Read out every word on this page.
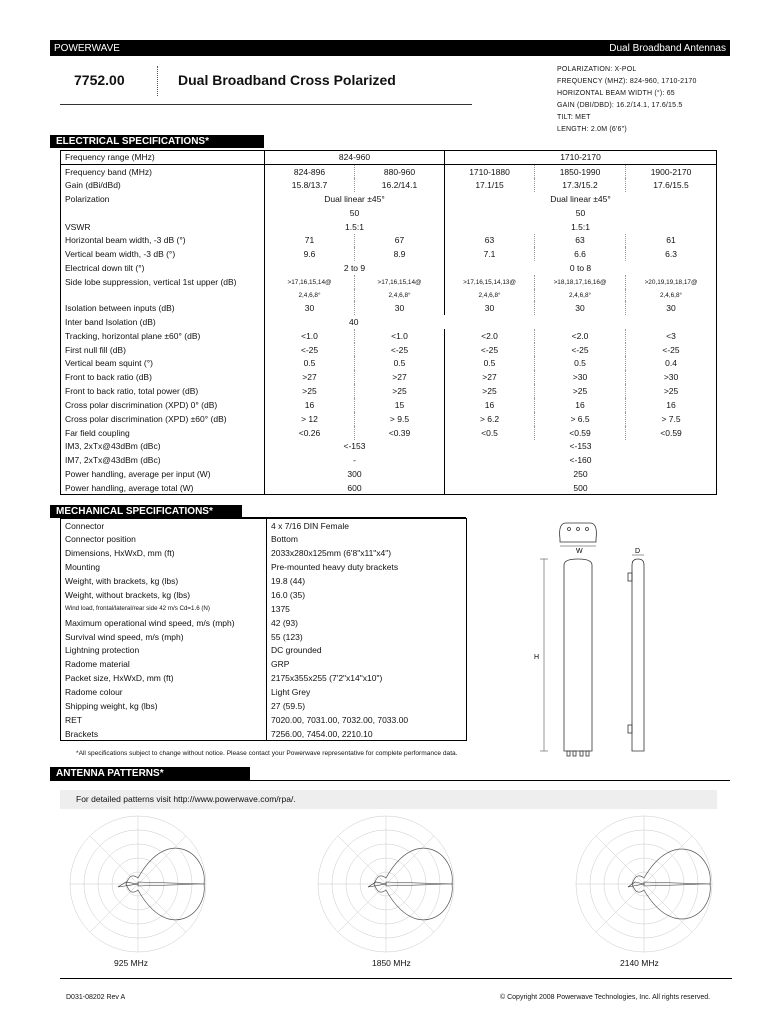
POWERWAVE	Dual Broadband Antennas
7752.00	Dual Broadband Cross Polarized
POLARIZATION: X-POL
FREQUENCY (MHZ): 824-960, 1710-2170
HORIZONTAL BEAM WIDTH (°): 65
GAIN (DBI/DBD): 16.2/14.1, 17.6/15.5
TILT: MET
LENGTH: 2.0M (6'6")
ELECTRICAL SPECIFICATIONS*
Frequency range (MHz)	824-960		1710-2170		
Frequency band (MHz)	824-896	880-960	1710-1880	1850-1990	1900-2170
Gain (dBi/dBd)	15.8/13.7	16.2/14.1	17.1/15	17.3/15.2	17.6/15.5
Polarization	Dual linear ±45°		Dual linear ±45°		
	50		50		
VSWR	1.5:1		1.5:1		
Horizontal beam width, -3 dB (°)	71	67	63	63	61
Vertical beam width, -3 dB (°)	9.6	8.9	7.1	6.6	6.3
Electrical down tilt (°)	2 to 9		0 to 8		
Side lobe suppression, vertical 1st upper (dB)	>17,16,15,14@	>17,16,15,14@	>17,16,15,14,13@	>18,18,17,16,16@	>20,19,19,18,17@
	2,4,6,8°	2,4,6,8°	2,4,6,8°	2,4,6,8°	2,4,6,8°
Isolation between inputs (dB)	30	30	30	30	30
Inter band Isolation (dB)	40				
Tracking, horizontal plane ±60° (dB)	<1.0	<1.0	<2.0	<2.0	<3
First null fill (dB)	<-25	<-25	<-25	<-25	<-25
Vertical beam squint (°)	0.5	0.5	0.5	0.5	0.4
Front to back ratio (dB)	>27	>27	>27	>30	>30
Front to back ratio, total power (dB)	>25	>25	>25	>25	>25
Cross polar discrimination (XPD) 0° (dB)	16	15	16	16	16
Cross polar discrimination (XPD) ±60° (dB)	> 12	> 9.5	> 6.2	> 6.5	> 7.5
Far field coupling	<0.26	<0.39	<0.5	<0.59	<0.59
IM3, 2xTx@43dBm (dBc)	<-153		<-153		
IM7, 2xTx@43dBm (dBc)	-		<-160		
Power handling, average per input (W)	300		250		
Power handling, average total (W)	600		500		
MECHANICAL SPECIFICATIONS*
Connector	4 x 7/16 DIN Female
Connector position	Bottom
Dimensions, HxWxD, mm (ft)	2033x280x125mm (6'8"x11"x4")
Mounting	Pre-mounted heavy duty brackets
Weight, with brackets, kg (lbs)	19.8 (44)
Weight, without brackets, kg (lbs)	16.0 (35)
Wind load, frontal/lateral/rear side 42 m/s Cd=1.6 (N)	1375
Maximum operational wind speed, m/s (mph)	42 (93)
Survival wind speed, m/s (mph)	55 (123)
Lightning protection	DC grounded
Radome material	GRP
Packet size, HxWxD, mm (ft)	2175x355x255 (7'2"x14"x10")
Radome colour	Light Grey
Shipping weight, kg (lbs)	27 (59.5)
RET	7020.00, 7031.00, 7032.00, 7033.00
Brackets	7256.00, 7454.00, 2210.10
W	D
H
*All specifications subject to change without notice. Please contact your Powerwave representative for complete performance data.
ANTENNA PATTERNS*
For detailed patterns visit http://www.powerwave.com/rpa/.
925 MHz	1850 MHz	2140 MHz
D031-08202 Rev A	© Copyright 2008 Powerwave Technologies, Inc. All rights reserved.
